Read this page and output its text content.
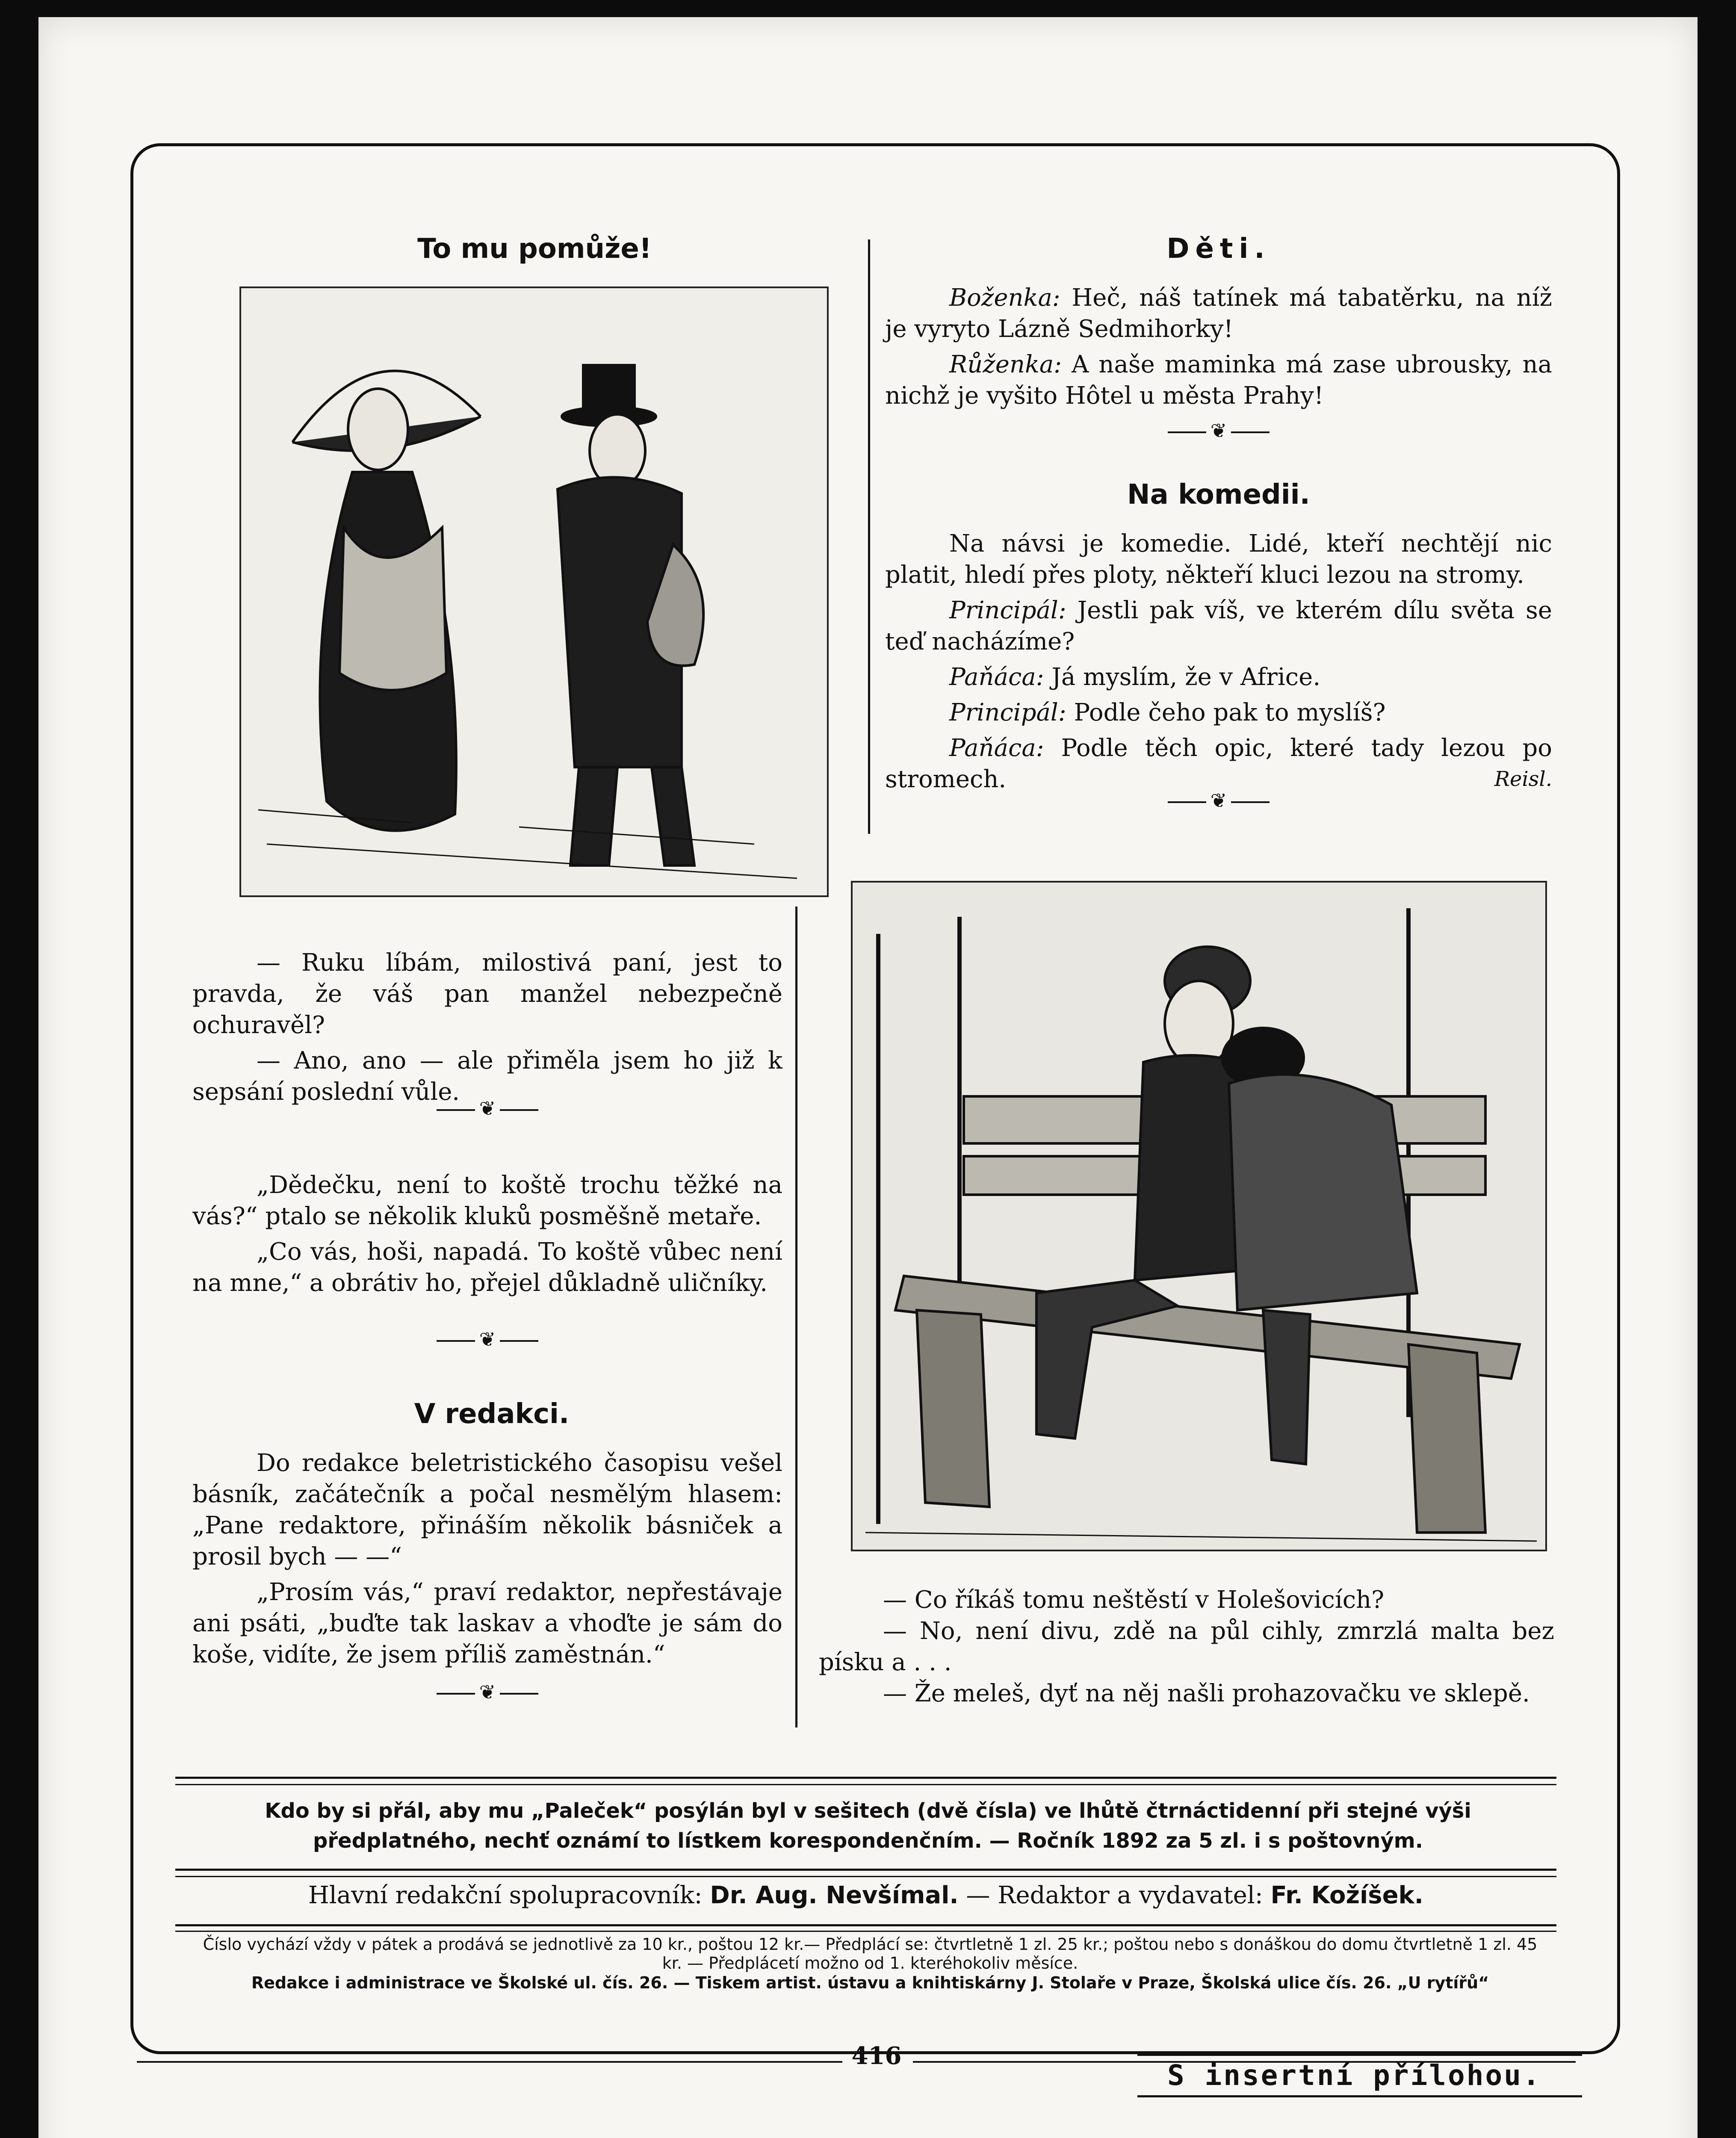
To mu pomůže!

— Ruku líbám, milostivá paní, jest to pravda, že váš pan manžel nebezpečně ochuravěl?

— Ano, ano — ale přiměla jsem ho již k sepsání poslední vůle.

❦

„Dědečku, není to koště trochu těžké na vás?“ ptalo se několik kluků posměšně metaře.

„Co vás, hoši, napadá. To koště vůbec není na mne,“ a obrátiv ho, přejel důkladně uličníky.

❦
V redakci.

Do redakce beletristického časopisu vešel básník, začátečník a počal nesmělým hlasem: „Pane redaktore, přináším několik básniček a prosil bych — —“

„Prosím vás,“ praví redaktor, nepřestávaje ani psáti, „buďte tak laskav a vhoďte je sám do koše, vidíte, že jsem příliš zaměstnán.“

❦
Děti.

Boženka: Heč, náš tatínek má tabatěrku, na níž je vyryto Lázně Sedmihorky!

Růženka: A naše maminka má zase ubrousky, na nichž je vyšito Hôtel u města Prahy!

❦
Na komedii.

Na návsi je komedie. Lidé, kteří nechtějí nic platit, hledí přes ploty, někteří kluci lezou na stromy.

Principál: Jestli pak víš, ve kterém dílu světa se teď nacházíme?

Paňáca: Já myslím, že v Africe.

Principál: Podle čeho pak to myslíš?

Paňáca: Podle těch opic, které tady lezou po stromech.	Reisl.

❦

— Co říkáš tomu neštěstí v Holešovicích?

— No, není divu, zdě na půl cihly, zmrzlá malta bez písku a . . .

— Že meleš, dyť na něj našli prohazovačku ve sklepě.

Kdo by si přál, aby mu „Paleček“ posýlán byl v sešitech (dvě čísla) ve lhůtě čtrnáctidenní při stejné výši předplatného, nechť oznámí to lístkem korespondenčním. — Ročník 1892 za 5 zl. i s poštovným.
Hlavní redakční spolupracovník: Dr. Aug. Nevšímal. — Redaktor a vydavatel: Fr. Kožíšek.
Číslo vychází vždy v pátek a prodává se jednotlivě za 10 kr., poštou 12 kr.— Předplácí se: čtvrtletně 1 zl. 25 kr.; poštou nebo s donáškou do domu čtvrtletně 1 zl. 45 kr. — Předplácetí možno od 1. kteréhokoliv měsíce.
Redakce i administrace ve Školské ul. čís. 26. — Tiskem artist. ústavu a knihtiskárny J. Stolaře v Praze, Školská ulice čís. 26. „U rytířů“
416
S insertní přílohou.
